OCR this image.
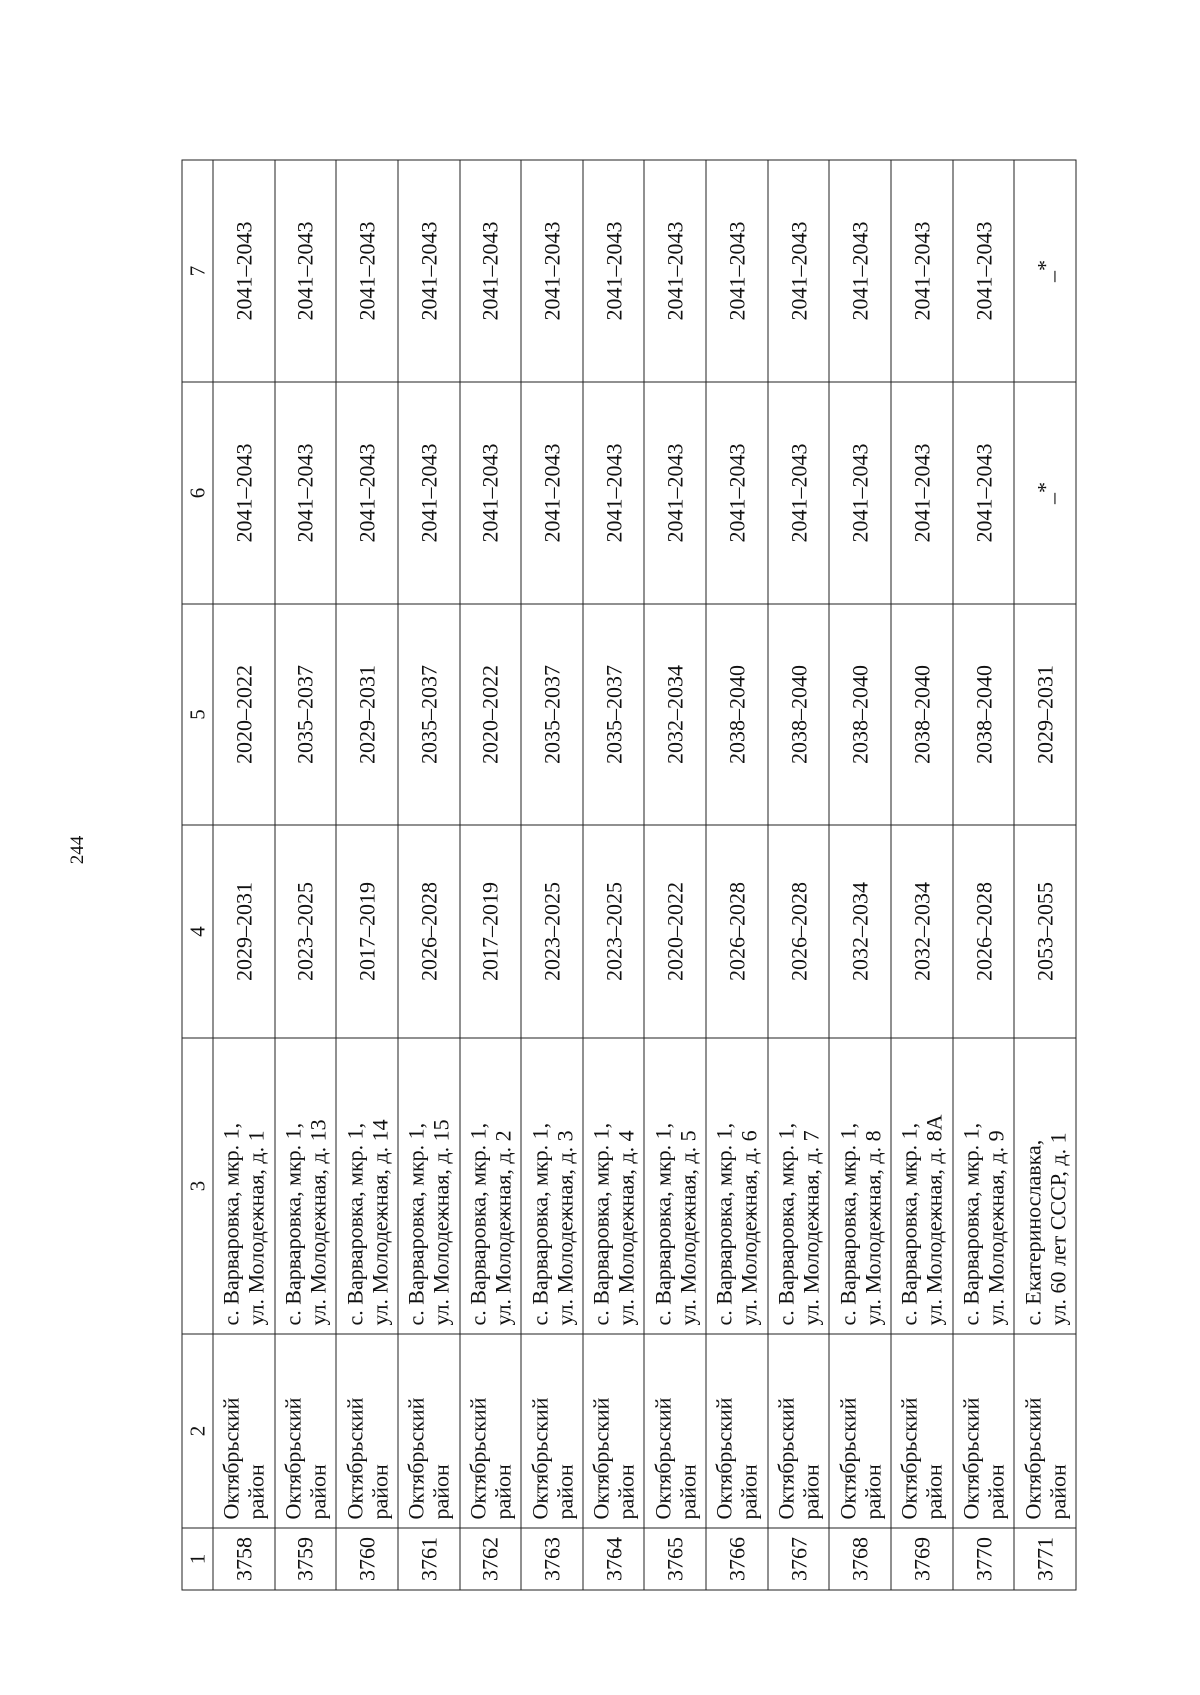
244
1	2	3	4	5	6	7
3758	Октябрьский район	с. Варваровка, мкр. 1, ул. Молодежная, д. 1	2029–2031	2020–2022	2041–2043	2041–2043
3759	Октябрьский район	с. Варваровка, мкр. 1, ул. Молодежная, д. 13	2023–2025	2035–2037	2041–2043	2041–2043
3760	Октябрьский район	с. Варваровка, мкр. 1, ул. Молодежная, д. 14	2017–2019	2029–2031	2041–2043	2041–2043
3761	Октябрьский район	с. Варваровка, мкр. 1, ул. Молодежная, д. 15	2026–2028	2035–2037	2041–2043	2041–2043
3762	Октябрьский район	с. Варваровка, мкр. 1, ул. Молодежная, д. 2	2017–2019	2020–2022	2041–2043	2041–2043
3763	Октябрьский район	с. Варваровка, мкр. 1, ул. Молодежная, д. 3	2023–2025	2035–2037	2041–2043	2041–2043
3764	Октябрьский район	с. Варваровка, мкр. 1, ул. Молодежная, д. 4	2023–2025	2035–2037	2041–2043	2041–2043
3765	Октябрьский район	с. Варваровка, мкр. 1, ул. Молодежная, д. 5	2020–2022	2032–2034	2041–2043	2041–2043
3766	Октябрьский район	с. Варваровка, мкр. 1, ул. Молодежная, д. 6	2026–2028	2038–2040	2041–2043	2041–2043
3767	Октябрьский район	с. Варваровка, мкр. 1, ул. Молодежная, д. 7	2026–2028	2038–2040	2041–2043	2041–2043
3768	Октябрьский район	с. Варваровка, мкр. 1, ул. Молодежная, д. 8	2032–2034	2038–2040	2041–2043	2041–2043
3769	Октябрьский район	с. Варваровка, мкр. 1, ул. Молодежная, д. 8А	2032–2034	2038–2040	2041–2043	2041–2043
3770	Октябрьский район	с. Варваровка, мкр. 1, ул. Молодежная, д. 9	2026–2028	2038–2040	2041–2043	2041–2043
3771	Октябрьский район	с. Екатеринославка, ул. 60 лет СССР, д. 1	2053–2055	2029–2031	_*	_*
